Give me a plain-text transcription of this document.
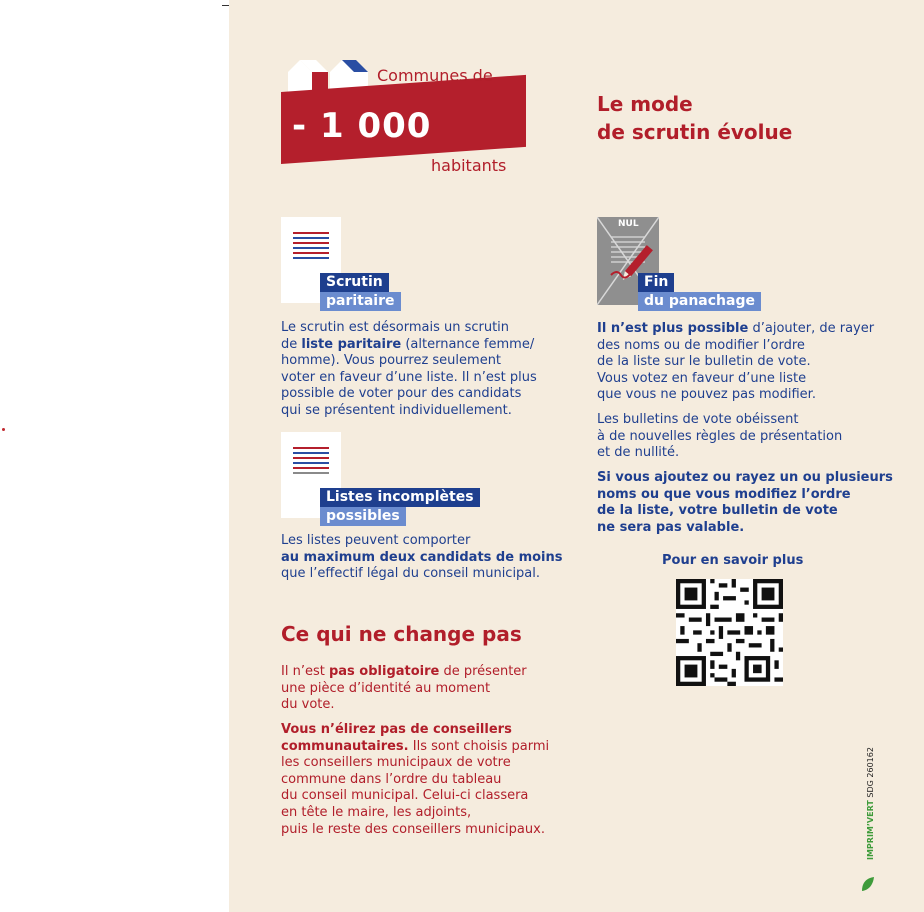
- 1 000
Communes de
habitants
Le mode
de scrutin évolue
Scrutin
paritaire
Le scrutin est désormais un scrutin
de liste paritaire (alternance femme/
homme). Vous pourrez seulement
voter en faveur d’une liste. Il n’est plus
possible de voter pour des candidats
qui se présentent individuellement.
Listes incomplètes
possibles
Les listes peuvent comporter
au maximum deux candidats de moins
que l’effectif légal du conseil municipal.
Ce qui ne change pas
Il n’est pas obligatoire de présenter
une pièce d’identité au moment
du vote.
Vous n’élirez pas de conseillers
communautaires. Ils sont choisis parmi
les conseillers municipaux de votre
commune dans l’ordre du tableau
du conseil municipal. Celui-ci classera
en tête le maire, les adjoints,
puis le reste des conseillers municipaux.
NUL
Fin
du panachage
Il n’est plus possible d’ajouter, de rayer
des noms ou de modifier l’ordre
de la liste sur le bulletin de vote.
Vous votez en faveur d’une liste
que vous ne pouvez pas modifier.
Les bulletins de vote obéissent
à de nouvelles règles de présentation
et de nullité.
Si vous ajoutez ou rayez un ou plusieurs
noms ou que vous modifiez l’ordre
de la liste, votre bulletin de vote
ne sera pas valable.
Pour en savoir plus
IMPRIM’VERT SDG 260162
